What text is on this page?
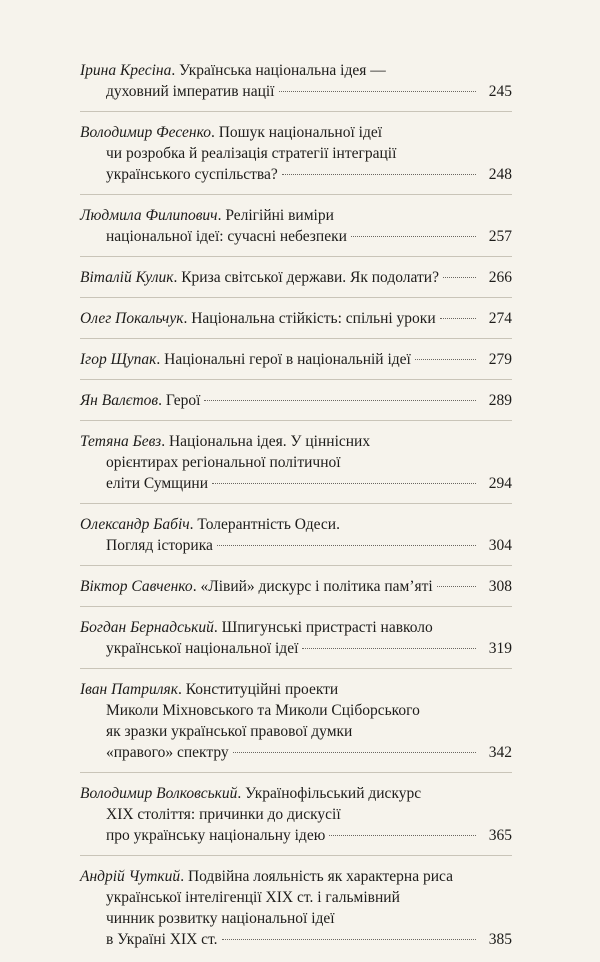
Ірина Кресіна. Українська національна ідея —
духовний імператив нації	245
Володимир Фесенко. Пошук національної ідеї
чи розробка й реалізація стратегії інтеграції
українського суспільства?	248
Людмила Филипович. Релігійні виміри
національної ідеї: сучасні небезпеки	257
Віталій Кулик. Криза світської держави. Як подолати?	266
Олег Покальчук. Національна стійкість: спільні уроки	274
Ігор Щупак. Національні герої в національній ідеї	279
Ян Валєтов. Герої	289
Тетяна Бевз. Національна ідея. У ціннісних
орієнтирах регіональної політичної
еліти Сумщини	294
Олександр Бабіч. Толерантність Одеси.
Погляд історика	304
Віктор Савченко. «Лівий» дискурс і політика пам’яті	308
Богдан Бернадський. Шпигунські пристрасті навколо
української національної ідеї	319
Іван Патриляк. Конституційні проекти
Миколи Міхновського та Миколи Сціборського
як зразки української правової думки
«правого» спектру	342
Володимир Волковський. Українофільський дискурс
XIX століття: причинки до дискусії
про українську національну ідею	365
Андрій Чуткий. Подвійна лояльність як характерна риса
української інтелігенції XIX ст. і гальмівний
чинник розвитку національної ідеї
в Україні XIX ст.	385
